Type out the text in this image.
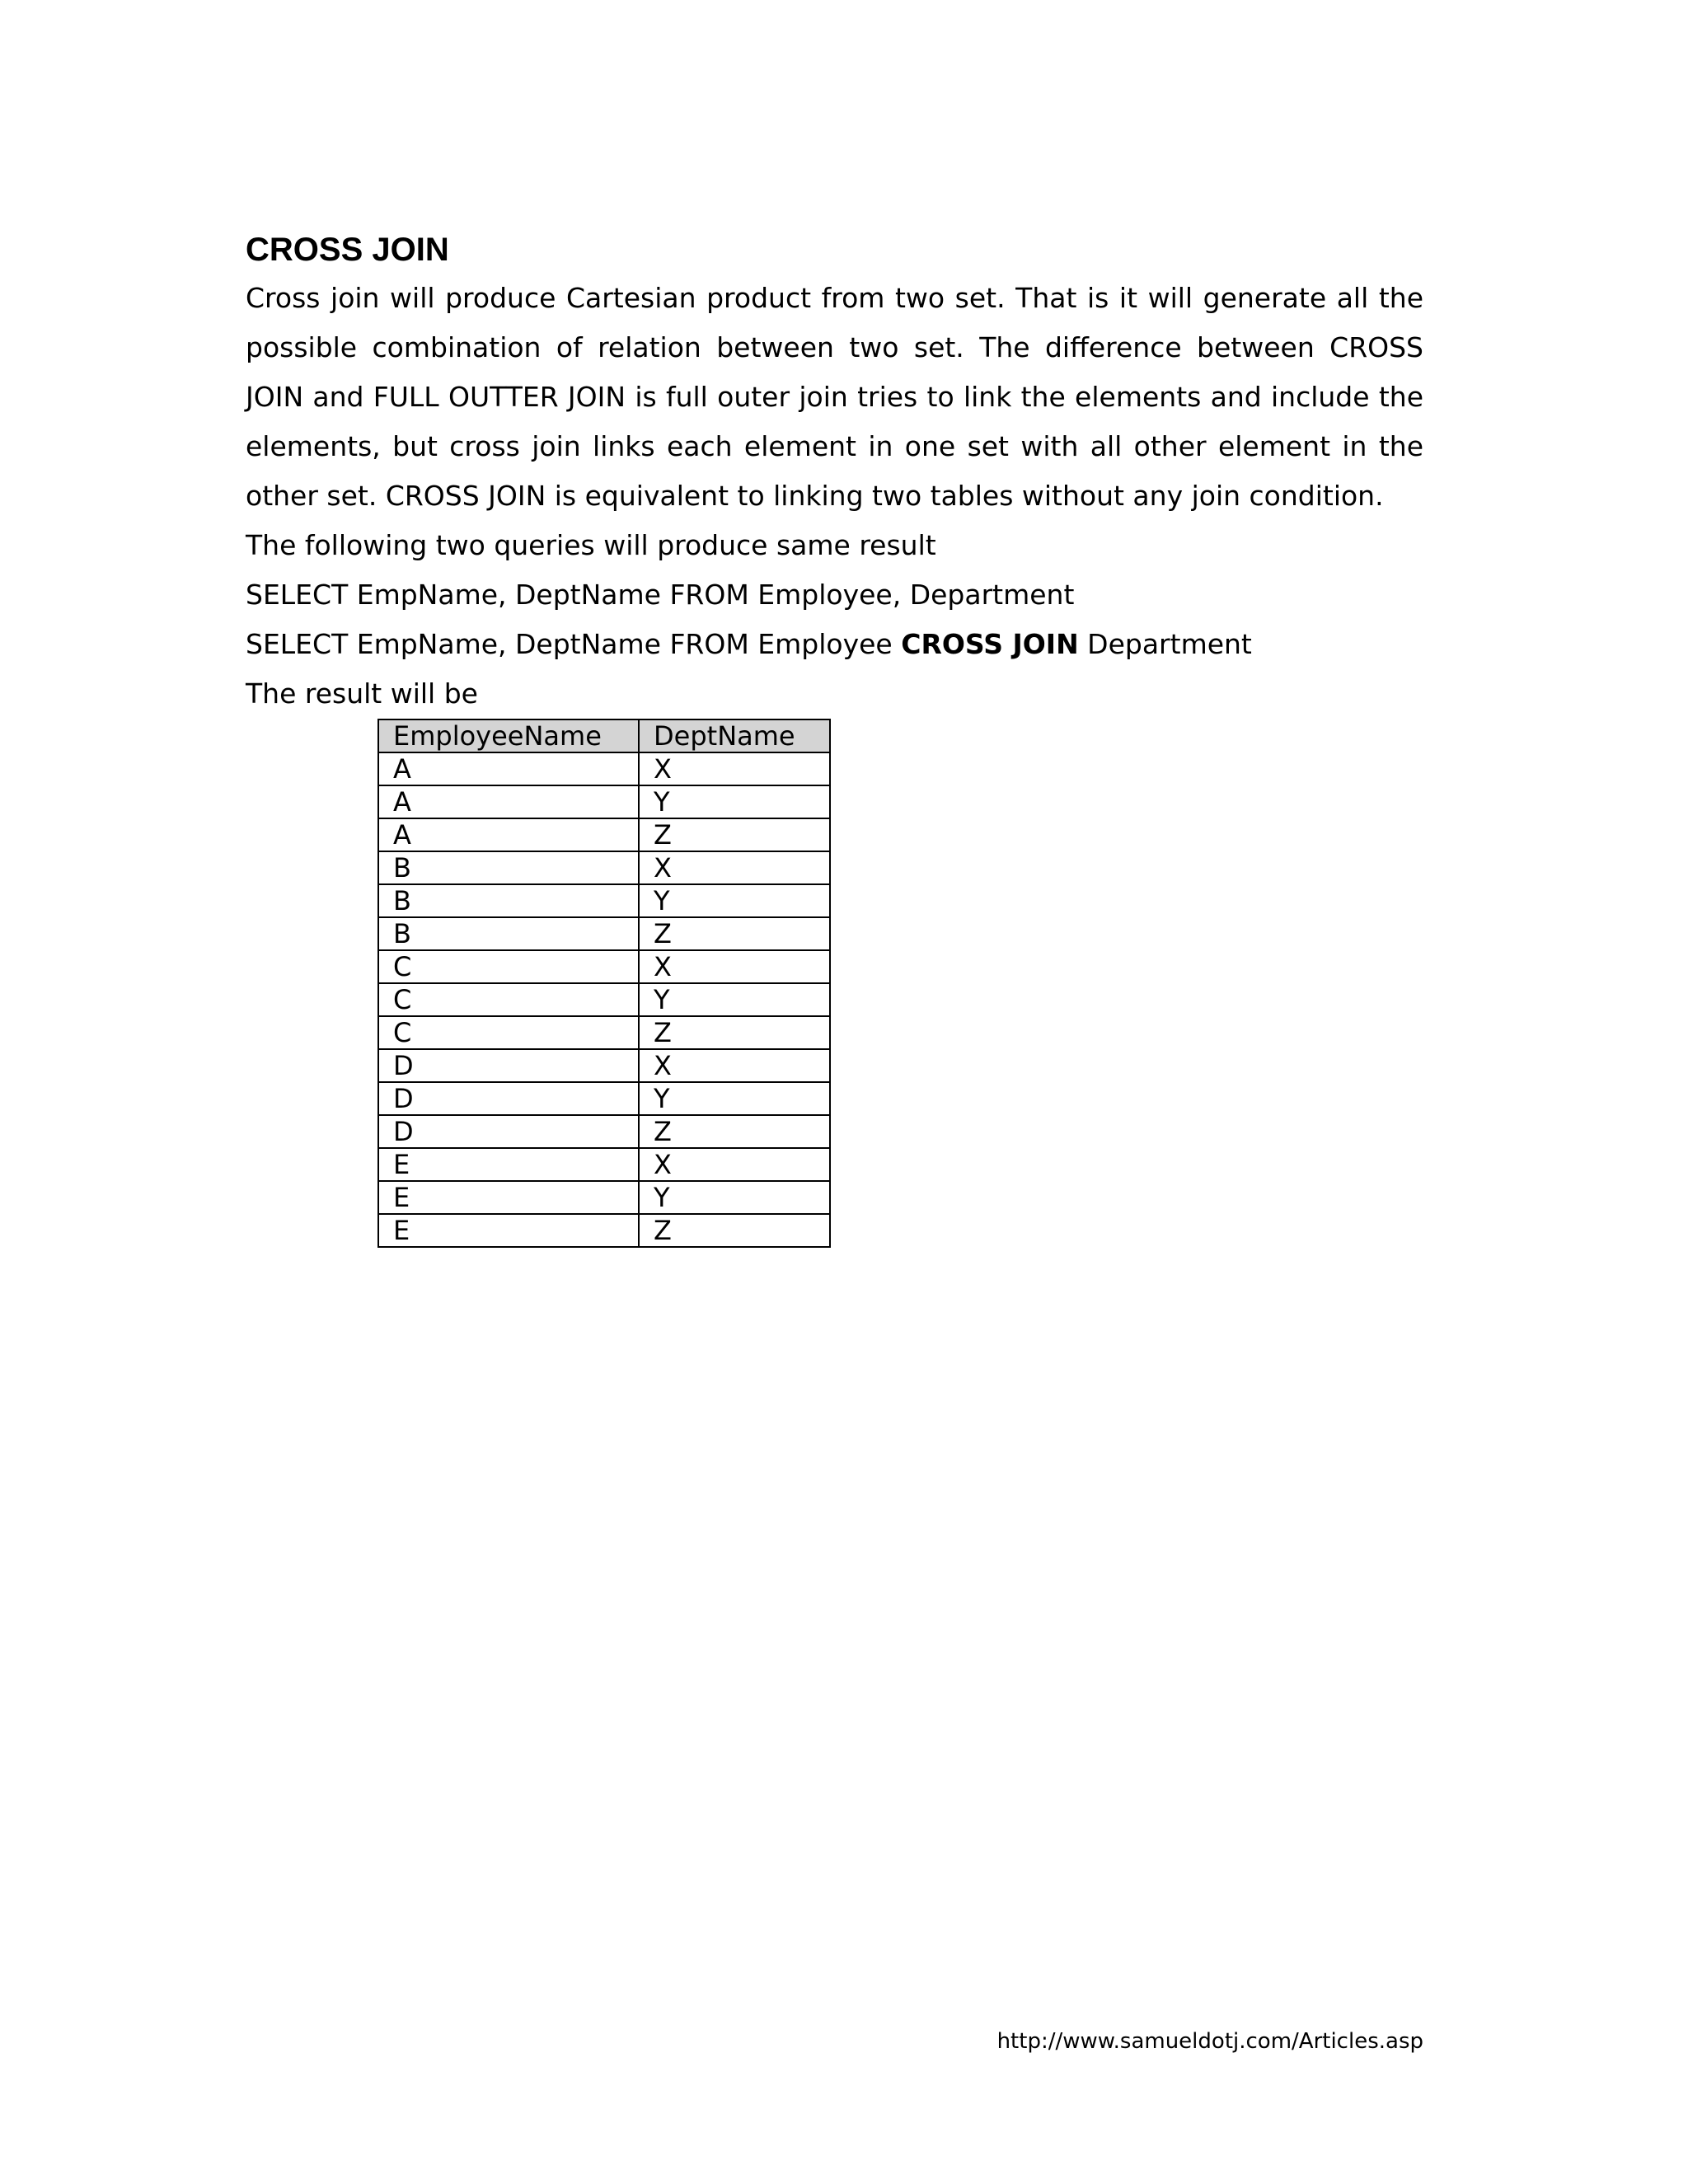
CROSS JOIN

Cross join will produce Cartesian product from two set. That is it will generate all the possible combination of relation between two set. The difference between CROSS JOIN and FULL OUTTER JOIN is full outer join tries to link the elements and include the elements, but cross join links each element in one set with all other element in the other set. CROSS JOIN is equivalent to linking two tables without any join condition.

The following two queries will produce same result

SELECT EmpName, DeptName FROM Employee, Department

SELECT EmpName, DeptName FROM Employee CROSS JOIN Department

The result will be

EmployeeName	DeptName
A	X
A	Y
A	Z
B	X
B	Y
B	Z
C	X
C	Y
C	Z
D	X
D	Y
D	Z
E	X
E	Y
E	Z
http://www.samueldotj.com/Articles.asp
